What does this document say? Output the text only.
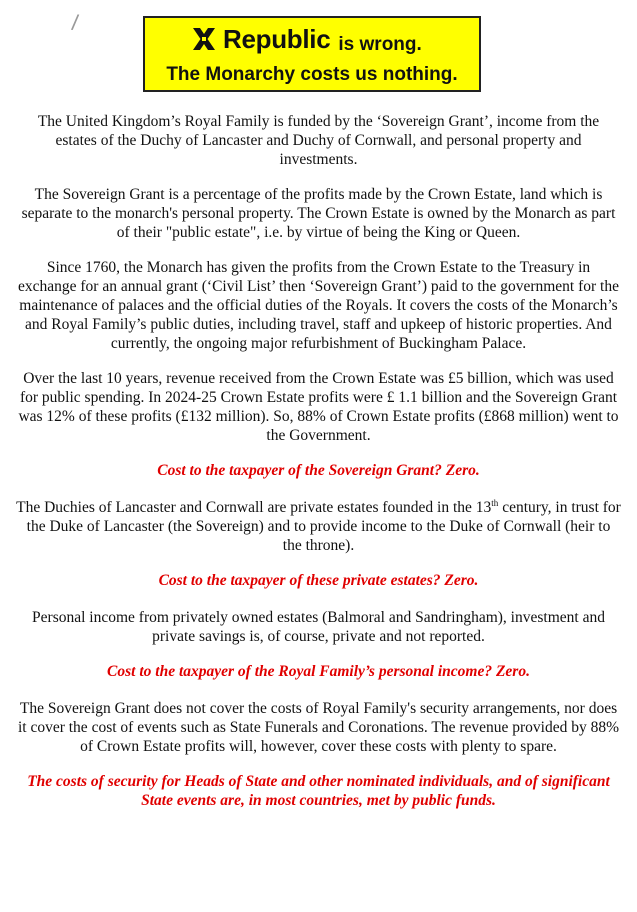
/
Republic is wrong.
The Monarchy costs us nothing.

The United Kingdom’s Royal Family is funded by the ‘Sovereign Grant’, income from the estates of the Duchy of Lancaster and Duchy of Cornwall, and personal property and investments.

The Sovereign Grant is a percentage of the profits made by the Crown Estate, land which is separate to the monarch's personal property. The Crown Estate is owned by the Monarch as part of their "public estate", i.e. by virtue of being the King or Queen.

Since 1760, the Monarch has given the profits from the Crown Estate to the Treasury in exchange for an annual grant (‘Civil List’ then ‘Sovereign Grant’) paid to the government for the maintenance of palaces and the official duties of the Royals. It covers the costs of the Monarch’s and Royal Family’s public duties, including travel, staff and upkeep of historic properties. And currently, the ongoing major refurbishment of Buckingham Palace.

Over the last 10 years, revenue received from the Crown Estate was £5 billion, which was used for public spending. In 2024-25 Crown Estate profits were £ 1.1 billion and the Sovereign Grant was 12% of these profits (£132 million). So, 88% of Crown Estate profits (£868 million) went to the Government.

Cost to the taxpayer of the Sovereign Grant? Zero.

The Duchies of Lancaster and Cornwall are private estates founded in the 13th century, in trust for the Duke of Lancaster (the Sovereign) and to provide income to the Duke of Cornwall (heir to the throne).

Cost to the taxpayer of these private estates? Zero.

Personal income from privately owned estates (Balmoral and Sandringham), investment and private savings is, of course, private and not reported.

Cost to the taxpayer of the Royal Family’s personal income? Zero.

The Sovereign Grant does not cover the costs of Royal Family's security arrangements, nor does it cover the cost of events such as State Funerals and Coronations. The revenue provided by 88% of Crown Estate profits will, however, cover these costs with plenty to spare.

The costs of security for Heads of State and other nominated individuals, and of significant State events are, in most countries, met by public funds.
